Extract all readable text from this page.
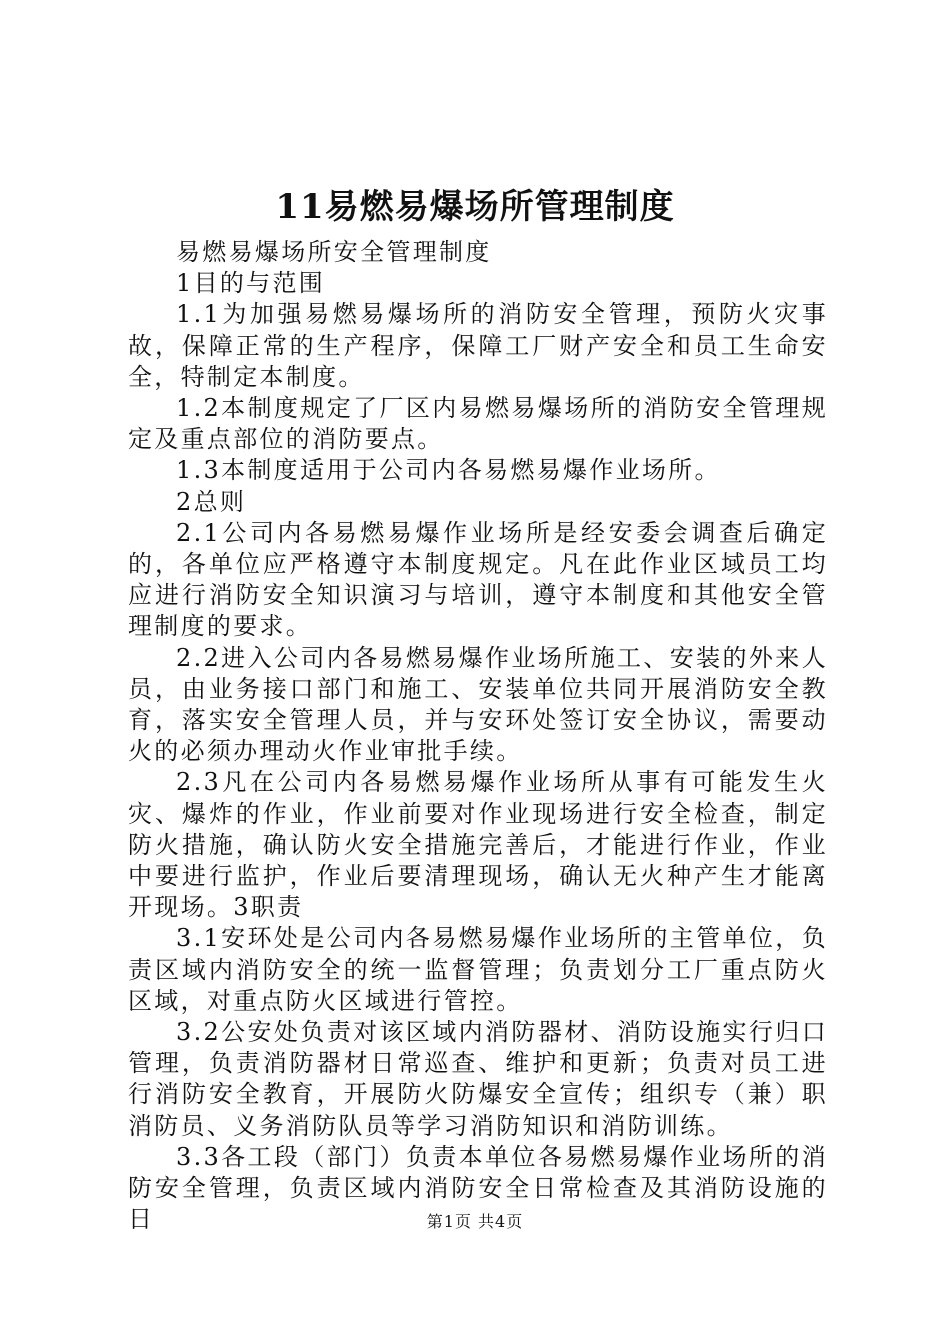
11易燃易爆场所管理制度

易燃易爆场所安全管理制度

1目的与范围

1.1为加强易燃易爆场所的消防安全管理，预防火灾事故，保障正常的生产程序，保障工厂财产安全和员工生命安全，特制定本制度。

1.2本制度规定了厂区内易燃易爆场所的消防安全管理规定及重点部位的消防要点。

1.3本制度适用于公司内各易燃易爆作业场所。

2总则

2.1公司内各易燃易爆作业场所是经安委会调查后确定的，各单位应严格遵守本制度规定。凡在此作业区域员工均应进行消防安全知识演习与培训，遵守本制度和其他安全管理制度的要求。

2.2进入公司内各易燃易爆作业场所施工、安装的外来人员，由业务接口部门和施工、安装单位共同开展消防安全教育，落实安全管理人员，并与安环处签订安全协议，需要动火的必须办理动火作业审批手续。

2.3凡在公司内各易燃易爆作业场所从事有可能发生火灾、爆炸的作业，作业前要对作业现场进行安全检查，制定防火措施，确认防火安全措施完善后，才能进行作业，作业中要进行监护，作业后要清理现场，确认无火种产生才能离开现场。3职责

3.1安环处是公司内各易燃易爆作业场所的主管单位，负责区域内消防安全的统一监督管理；负责划分工厂重点防火区域，对重点防火区域进行管控。

3.2公安处负责对该区域内消防器材、消防设施实行归口管理，负责消防器材日常巡查、维护和更新；负责对员工进行消防安全教育，开展防火防爆安全宣传；组织专（兼）职消防员、义务消防队员等学习消防知识和消防训练。

3.3各工段（部门）负责本单位各易燃易爆作业场所的消防安全管理，负责区域内消防安全日常检查及其消防设施的日	第1页 共4页
